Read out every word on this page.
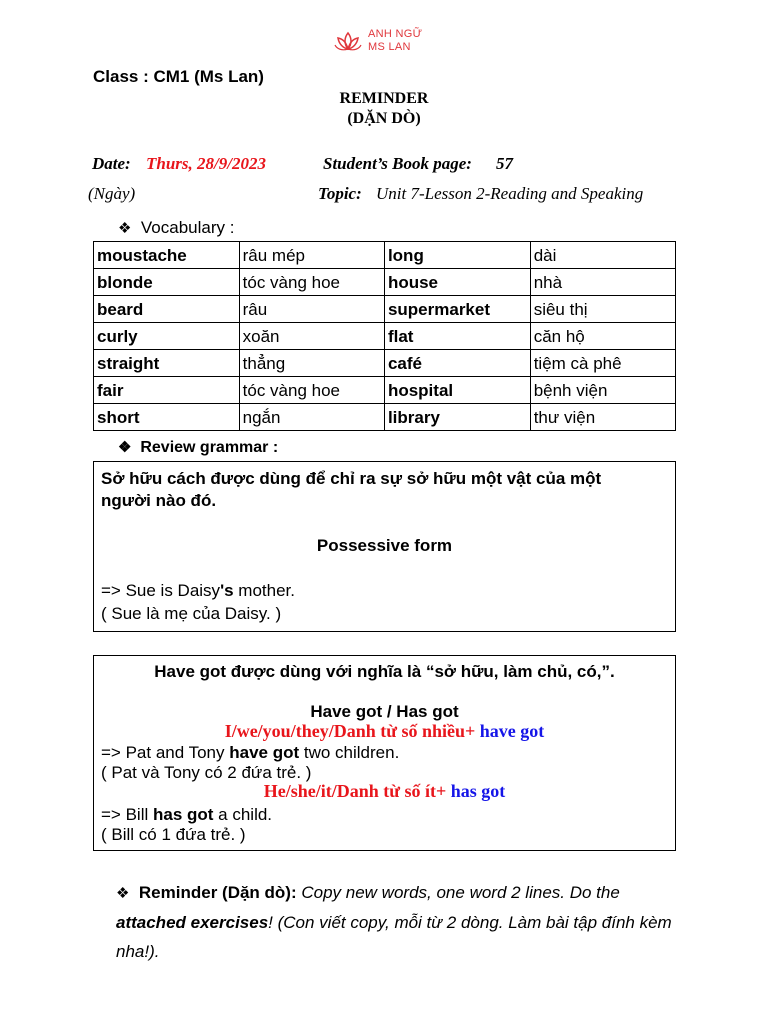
ANH NGỮ
MS LAN
Class : CM1 (Ms Lan)
REMINDER
(DẶN DÒ)
Date: Thurs, 28/9/2023	Student’s Book page: 57
(Ngày)	Topic: Unit 7-Lesson 2-Reading and Speaking
❖ Vocabulary :
moustache	râu mép	long	dài
blonde	tóc vàng hoe	house	nhà
beard	râu	supermarket	siêu thị
curly	xoăn	flat	căn hộ
straight	thẳng	café	tiệm cà phê
fair	tóc vàng hoe	hospital	bệnh viện
short	ngắn	library	thư viện
❖ Review grammar :
Sở hữu cách được dùng để chỉ ra sự sở hữu một vật của một
người nào đó.
Possessive form
=> Sue is Daisy's mother.
( Sue là mẹ của Daisy. )
Have got được dùng với nghĩa là “sở hữu, làm chủ, có,”.
Have got / Has got
I/we/you/they/Danh từ số nhiều+ have got
=> Pat and Tony have got two children.
( Pat và Tony có 2 đứa trẻ. )
He/she/it/Danh từ số ít+ has got
=> Bill has got a child.
( Bill có 1 đứa trẻ. )
❖ Reminder (Dặn dò): Copy new words, one word 2 lines. Do the attached exercises! (Con viết copy, mỗi từ 2 dòng. Làm bài tập đính kèm nha!).
